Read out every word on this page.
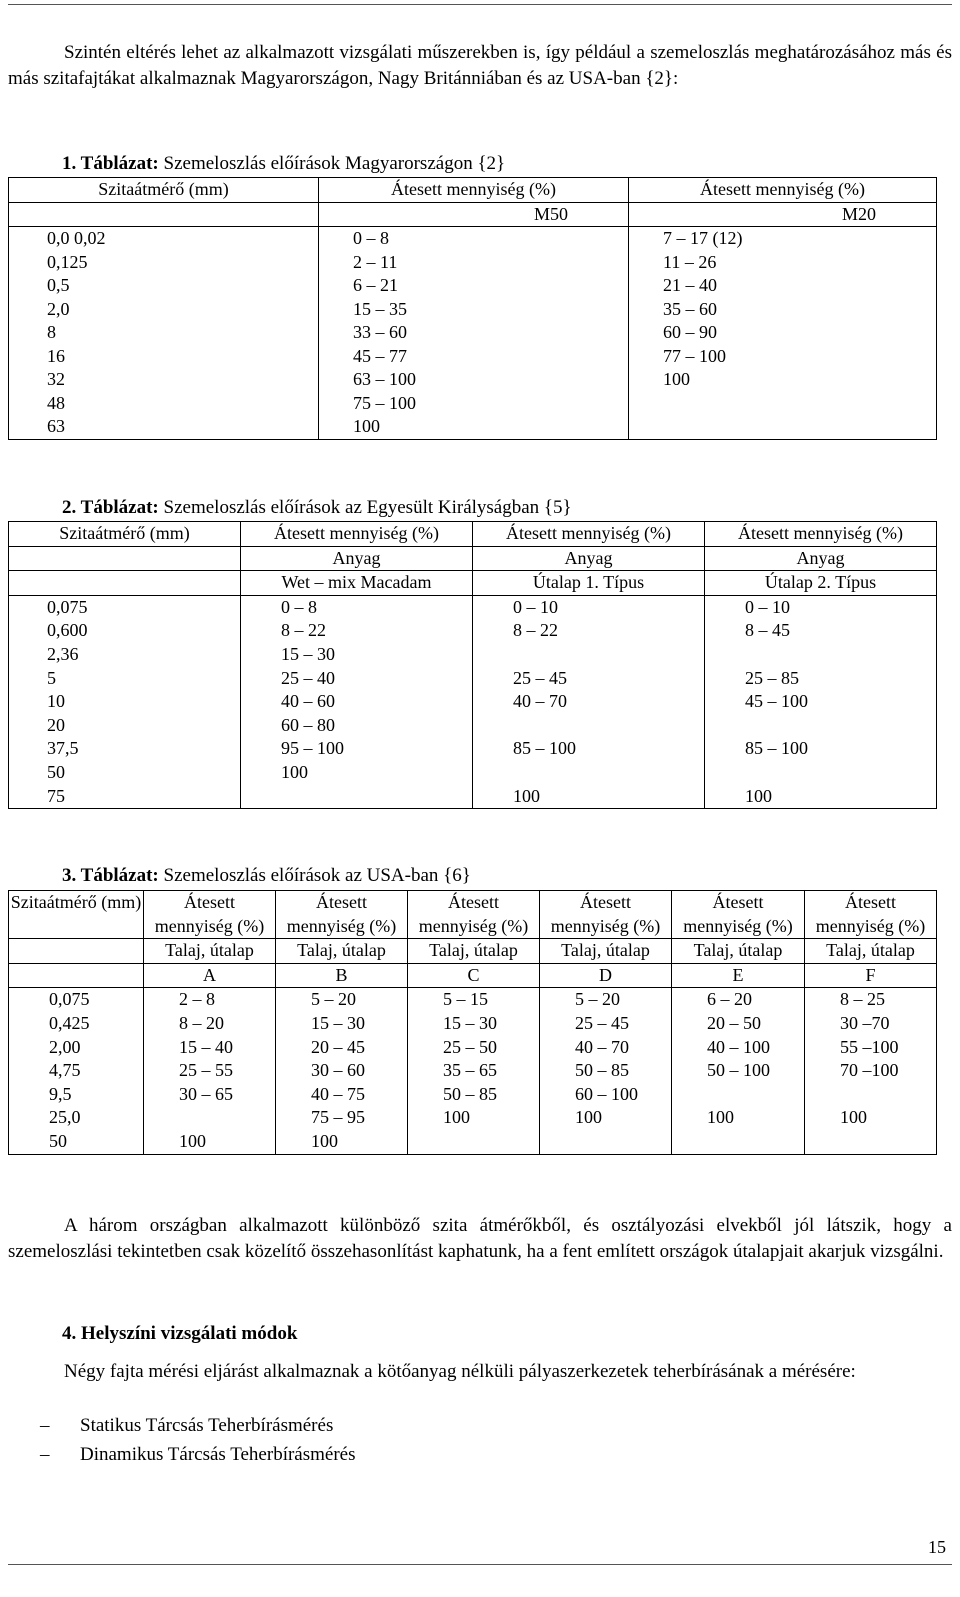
Szintén eltérés lehet az alkalmazott vizsgálati műszerekben is, így például a szemeloszlás meghatározásához más és más szitafajtákat alkalmaznak Magyarországon, Nagy Británniában és az USA-ban {2}:

1. Táblázat: Szemeloszlás előírások Magyarországon {2}

Szitaátmérő (mm)	Átesett mennyiség (%)	Átesett mennyiség (%)
	M50	M20
0,0 0,02	0 – 8	7 – 17 (12)
0,125	2 – 11	11 – 26
0,5	6 – 21	21 – 40
2,0	15 – 35	35 – 60
8	33 – 60	60 – 90
16	45 – 77	77 – 100
32	63 – 100	100
48	75 – 100	
63	100	

2. Táblázat: Szemeloszlás előírások az Egyesült Királyságban {5}

Szitaátmérő (mm)	Átesett mennyiség (%)	Átesett mennyiség (%)	Átesett mennyiség (%)
	Anyag	Anyag	Anyag
	Wet – mix Macadam	Útalap 1. Típus	Útalap 2. Típus
0,075	0 – 8	0 – 10	0 – 10
0,600	8 – 22	8 – 22	8 – 45
2,36	15 – 30		
5	25 – 40	25 – 45	25 – 85
10	40 – 60	40 – 70	45 – 100
20	60 – 80		
37,5	95 – 100	85 – 100	85 – 100
50	100		
75		100	100

3. Táblázat: Szemeloszlás előírások az USA-ban {6}

Szitaátmérő (mm)	Átesett mennyiség (%)	Átesett mennyiség (%)	Átesett mennyiség (%)	Átesett mennyiség (%)	Átesett mennyiség (%)	Átesett mennyiség (%)
	Talaj, útalap	Talaj, útalap	Talaj, útalap	Talaj, útalap	Talaj, útalap	Talaj, útalap
	A	B	C	D	E	F
0,075	2 – 8	5 – 20	5 – 15	5 – 20	6 – 20	8 – 25
0,425	8 – 20	15 – 30	15 – 30	25 – 45	20 – 50	30 –70
2,00	15 – 40	20 – 45	25 – 50	40 – 70	40 – 100	55 –100
4,75	25 – 55	30 – 60	35 – 65	50 – 85	50 – 100	70 –100
9,5	30 – 65	40 – 75	50 – 85	60 – 100		
25,0		75 – 95	100	100	100	100
50	100	100				

A három országban alkalmazott különböző szita átmérőkből, és osztályozási elvekből jól látszik, hogy a szemeloszlási tekintetben csak közelítő összehasonlítást kaphatunk, ha a fent említett országok útalapjait akarjuk vizsgálni.

4. Helyszíni vizsgálati módok

Négy fajta mérési eljárást alkalmaznak a kötőanyag nélküli pályaszerkezetek teherbírásának a mérésére:

– Statikus Tárcsás Teherbírásmérés
– Dinamikus Tárcsás Teherbírásmérés
15
